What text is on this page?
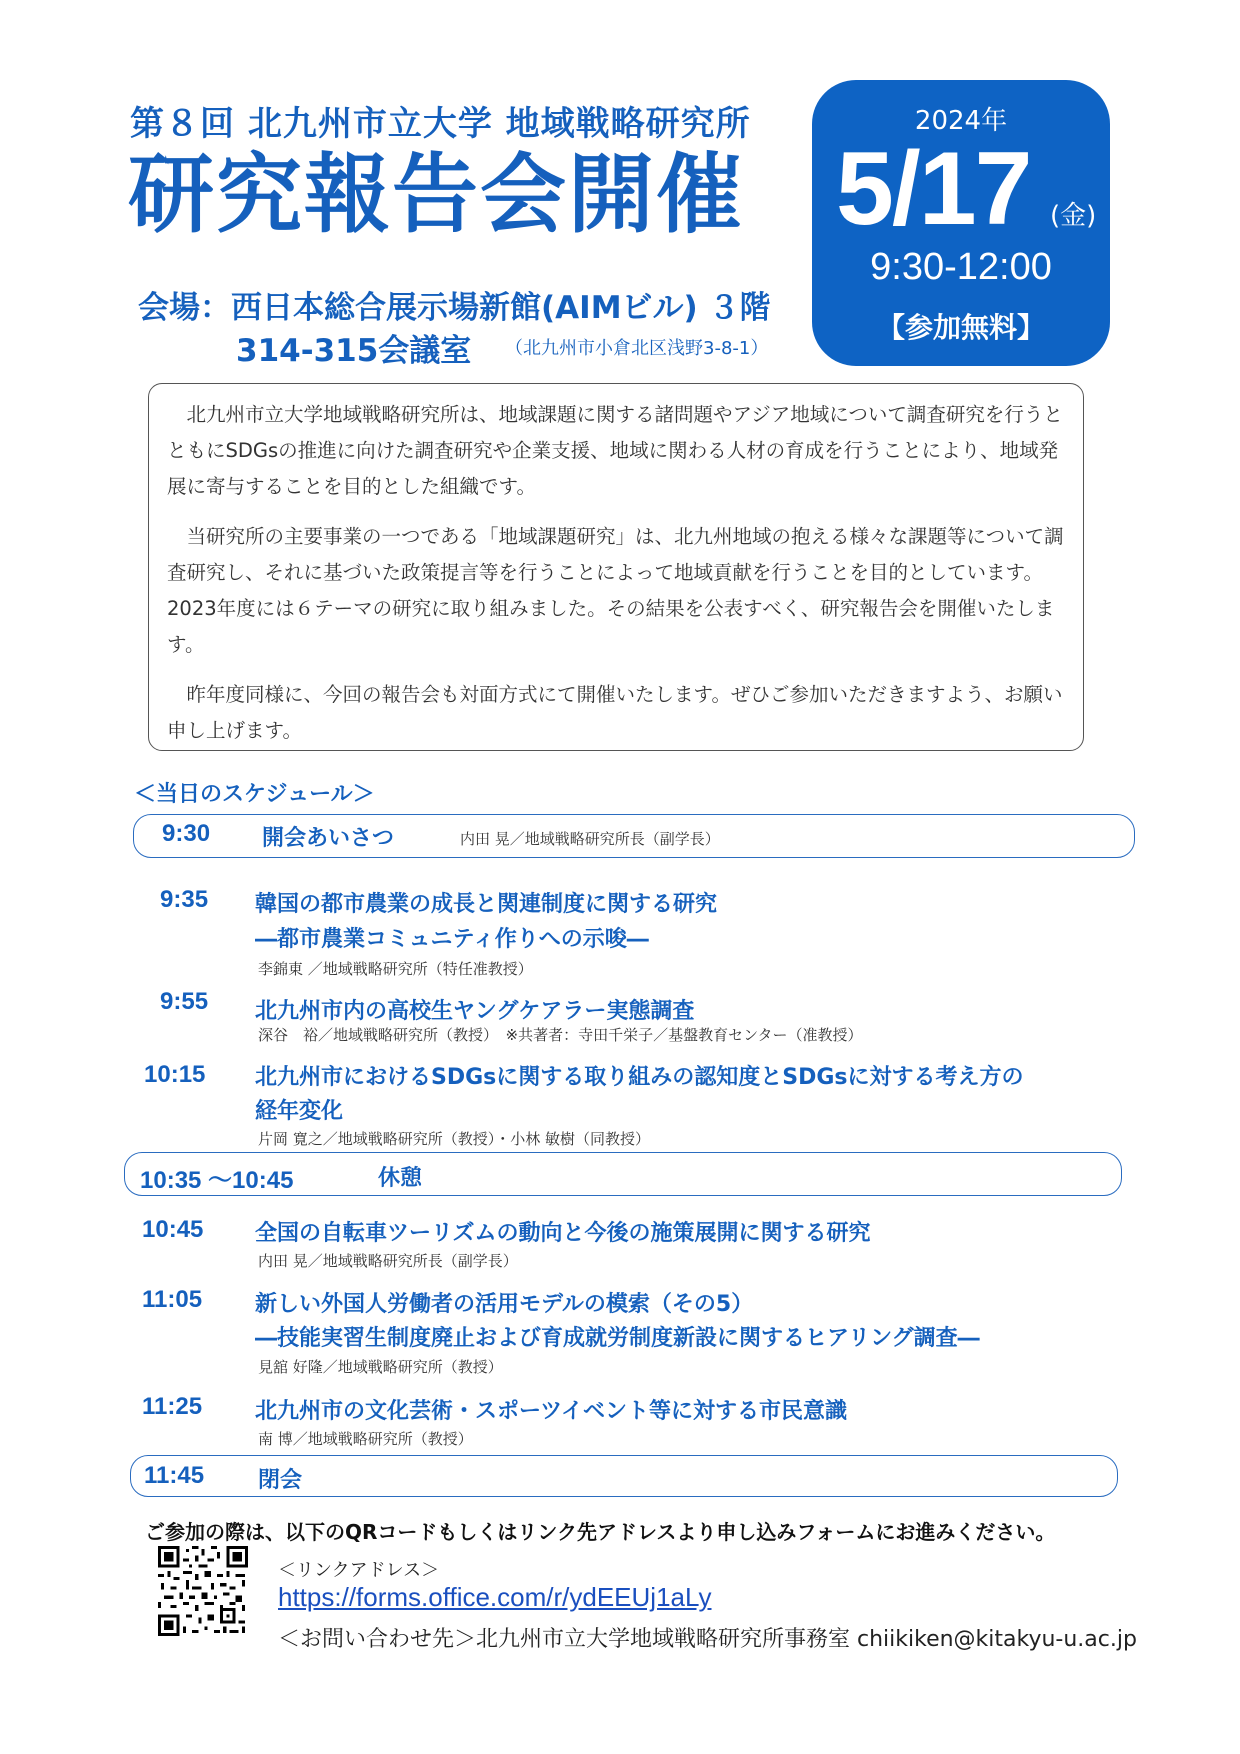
第８回 北九州市立大学 地域戦略研究所
研究報告会開催
会場：西日本総合展示場新館(AIMビル) ３階
314-315会議室 （北九州市小倉北区浅野3-8-1）
2024年
5/17 (金)
9:30-12:00
【参加無料】

北九州市立大学地域戦略研究所は、地域課題に関する諸問題やアジア地域について調査研究を行うとともにSDGsの推進に向けた調査研究や企業支援、地域に関わる人材の育成を行うことにより、地域発展に寄与することを目的とした組織です。

当研究所の主要事業の一つである「地域課題研究」は、北九州地域の抱える様々な課題等について調査研究し、それに基づいた政策提言等を行うことによって地域貢献を行うことを目的としています。2023年度には６テーマの研究に取り組みました。その結果を公表すべく、研究報告会を開催いたします。

昨年度同様に、今回の報告会も対面方式にて開催いたします。ぜひご参加いただきますよう、お願い申し上げます。

＜当日のスケジュール＞
9:30 開会あいさつ	内田 晃／地域戦略研究所長（副学長）
9:35 韓国の都市農業の成長と関連制度に関する研究
―都市農業コミュニティ作りへの示唆―
李錦東 ／地域戦略研究所（特任准教授）
9:55 北九州市内の高校生ヤングケアラー実態調査
深谷　裕／地域戦略研究所（教授）　※共著者：寺田千栄子／基盤教育センター（准教授）
10:15 北九州市におけるSDGsに関する取り組みの認知度とSDGsに対する考え方の
経年変化
片岡 寛之／地域戦略研究所（教授）・小林 敏樹（同教授）
10:35 ～10:45	休憩
10:45 全国の自転車ツーリズムの動向と今後の施策展開に関する研究
内田 晃／地域戦略研究所長（副学長）
11:05 新しい外国人労働者の活用モデルの模索（その5）
―技能実習生制度廃止および育成就労制度新設に関するヒアリング調査―
見舘 好隆／地域戦略研究所（教授）
11:25 北九州市の文化芸術・スポーツイベント等に対する市民意識
南 博／地域戦略研究所（教授）
11:45 閉会
ご参加の際は、以下のQRコードもしくはリンク先アドレスより申し込みフォームにお進みください。
＜リンクアドレス＞
https://forms.office.com/r/ydEEUj1aLy
＜お問い合わせ先＞北九州市立大学地域戦略研究所事務室 chiikiken@kitakyu-u.ac.jp
